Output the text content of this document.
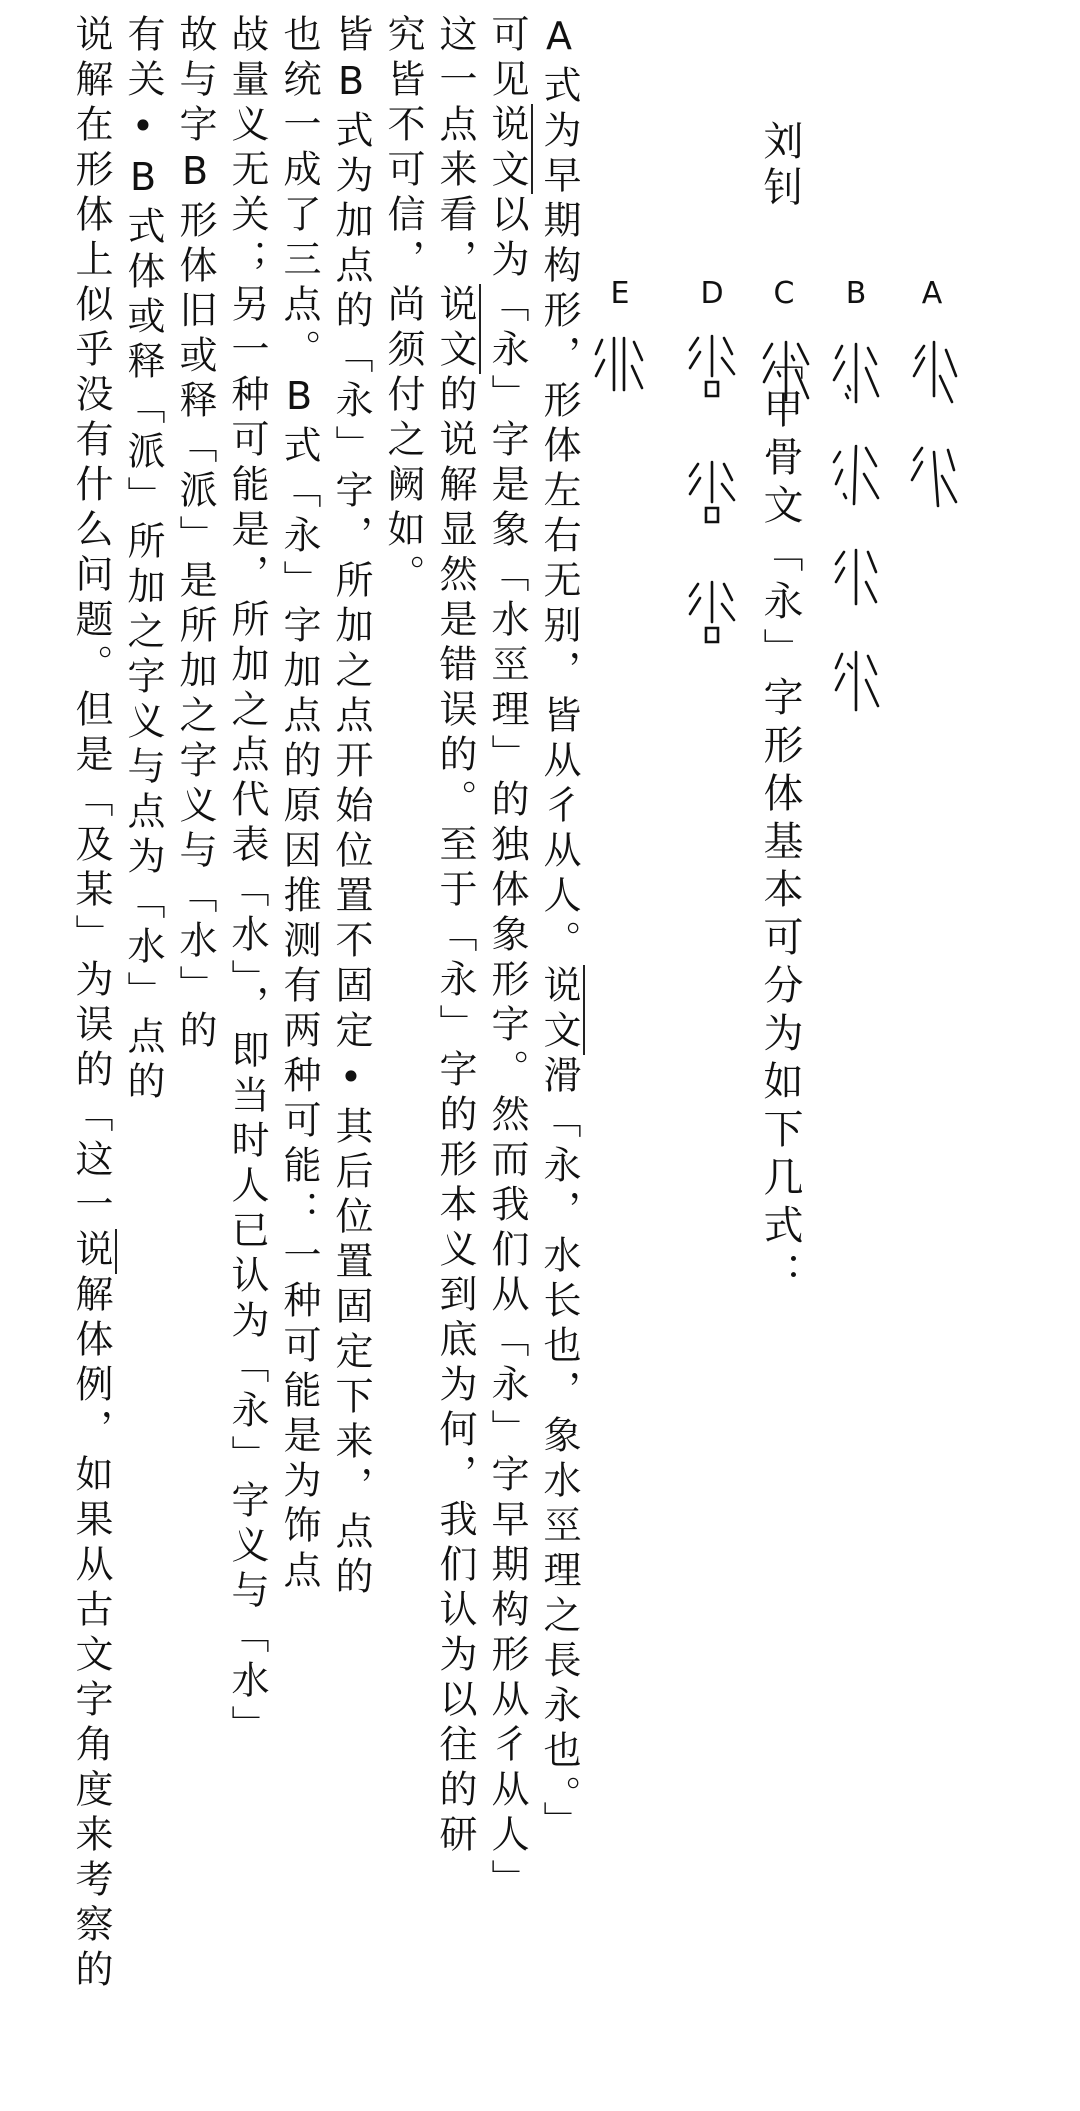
刘钊
「甲骨文「永」字形体基本可分为如下几式：
A
B
C
D
E
A式为早期构形，形体左右无别，皆从彳从人。说文滑「永，水长也，象水巠理之長永也。」
可见说文以为「永」字是象「水巠理」的独体象形字。然而我们从「永」字早期构形从彳从人」
这一点来看，说文的说解显然是错误的。至于「永」字的形本义到底为何，我们认为以往的研
究皆不可信，尚须付之阙如。
皆B式为加点的「永」字，所加之点开始位置不固定•其后位置固定下来，点的
也统一成了三点。B式「永」字加点的原因推测有两种可能：一种可能是为饰点
敁量义无关；另一种可能是，所加之点代表「水」，即当时人已认为「永」字义与「水」
故与字B形体旧或释「派」是所加之字义与「水」的
有关•B式体或释「派」所加之字义与点为「水」点的
说解在形体上似乎没有什么问题。但是「及某」为误的「这一说解体例，如果从古文字角度来考察的
